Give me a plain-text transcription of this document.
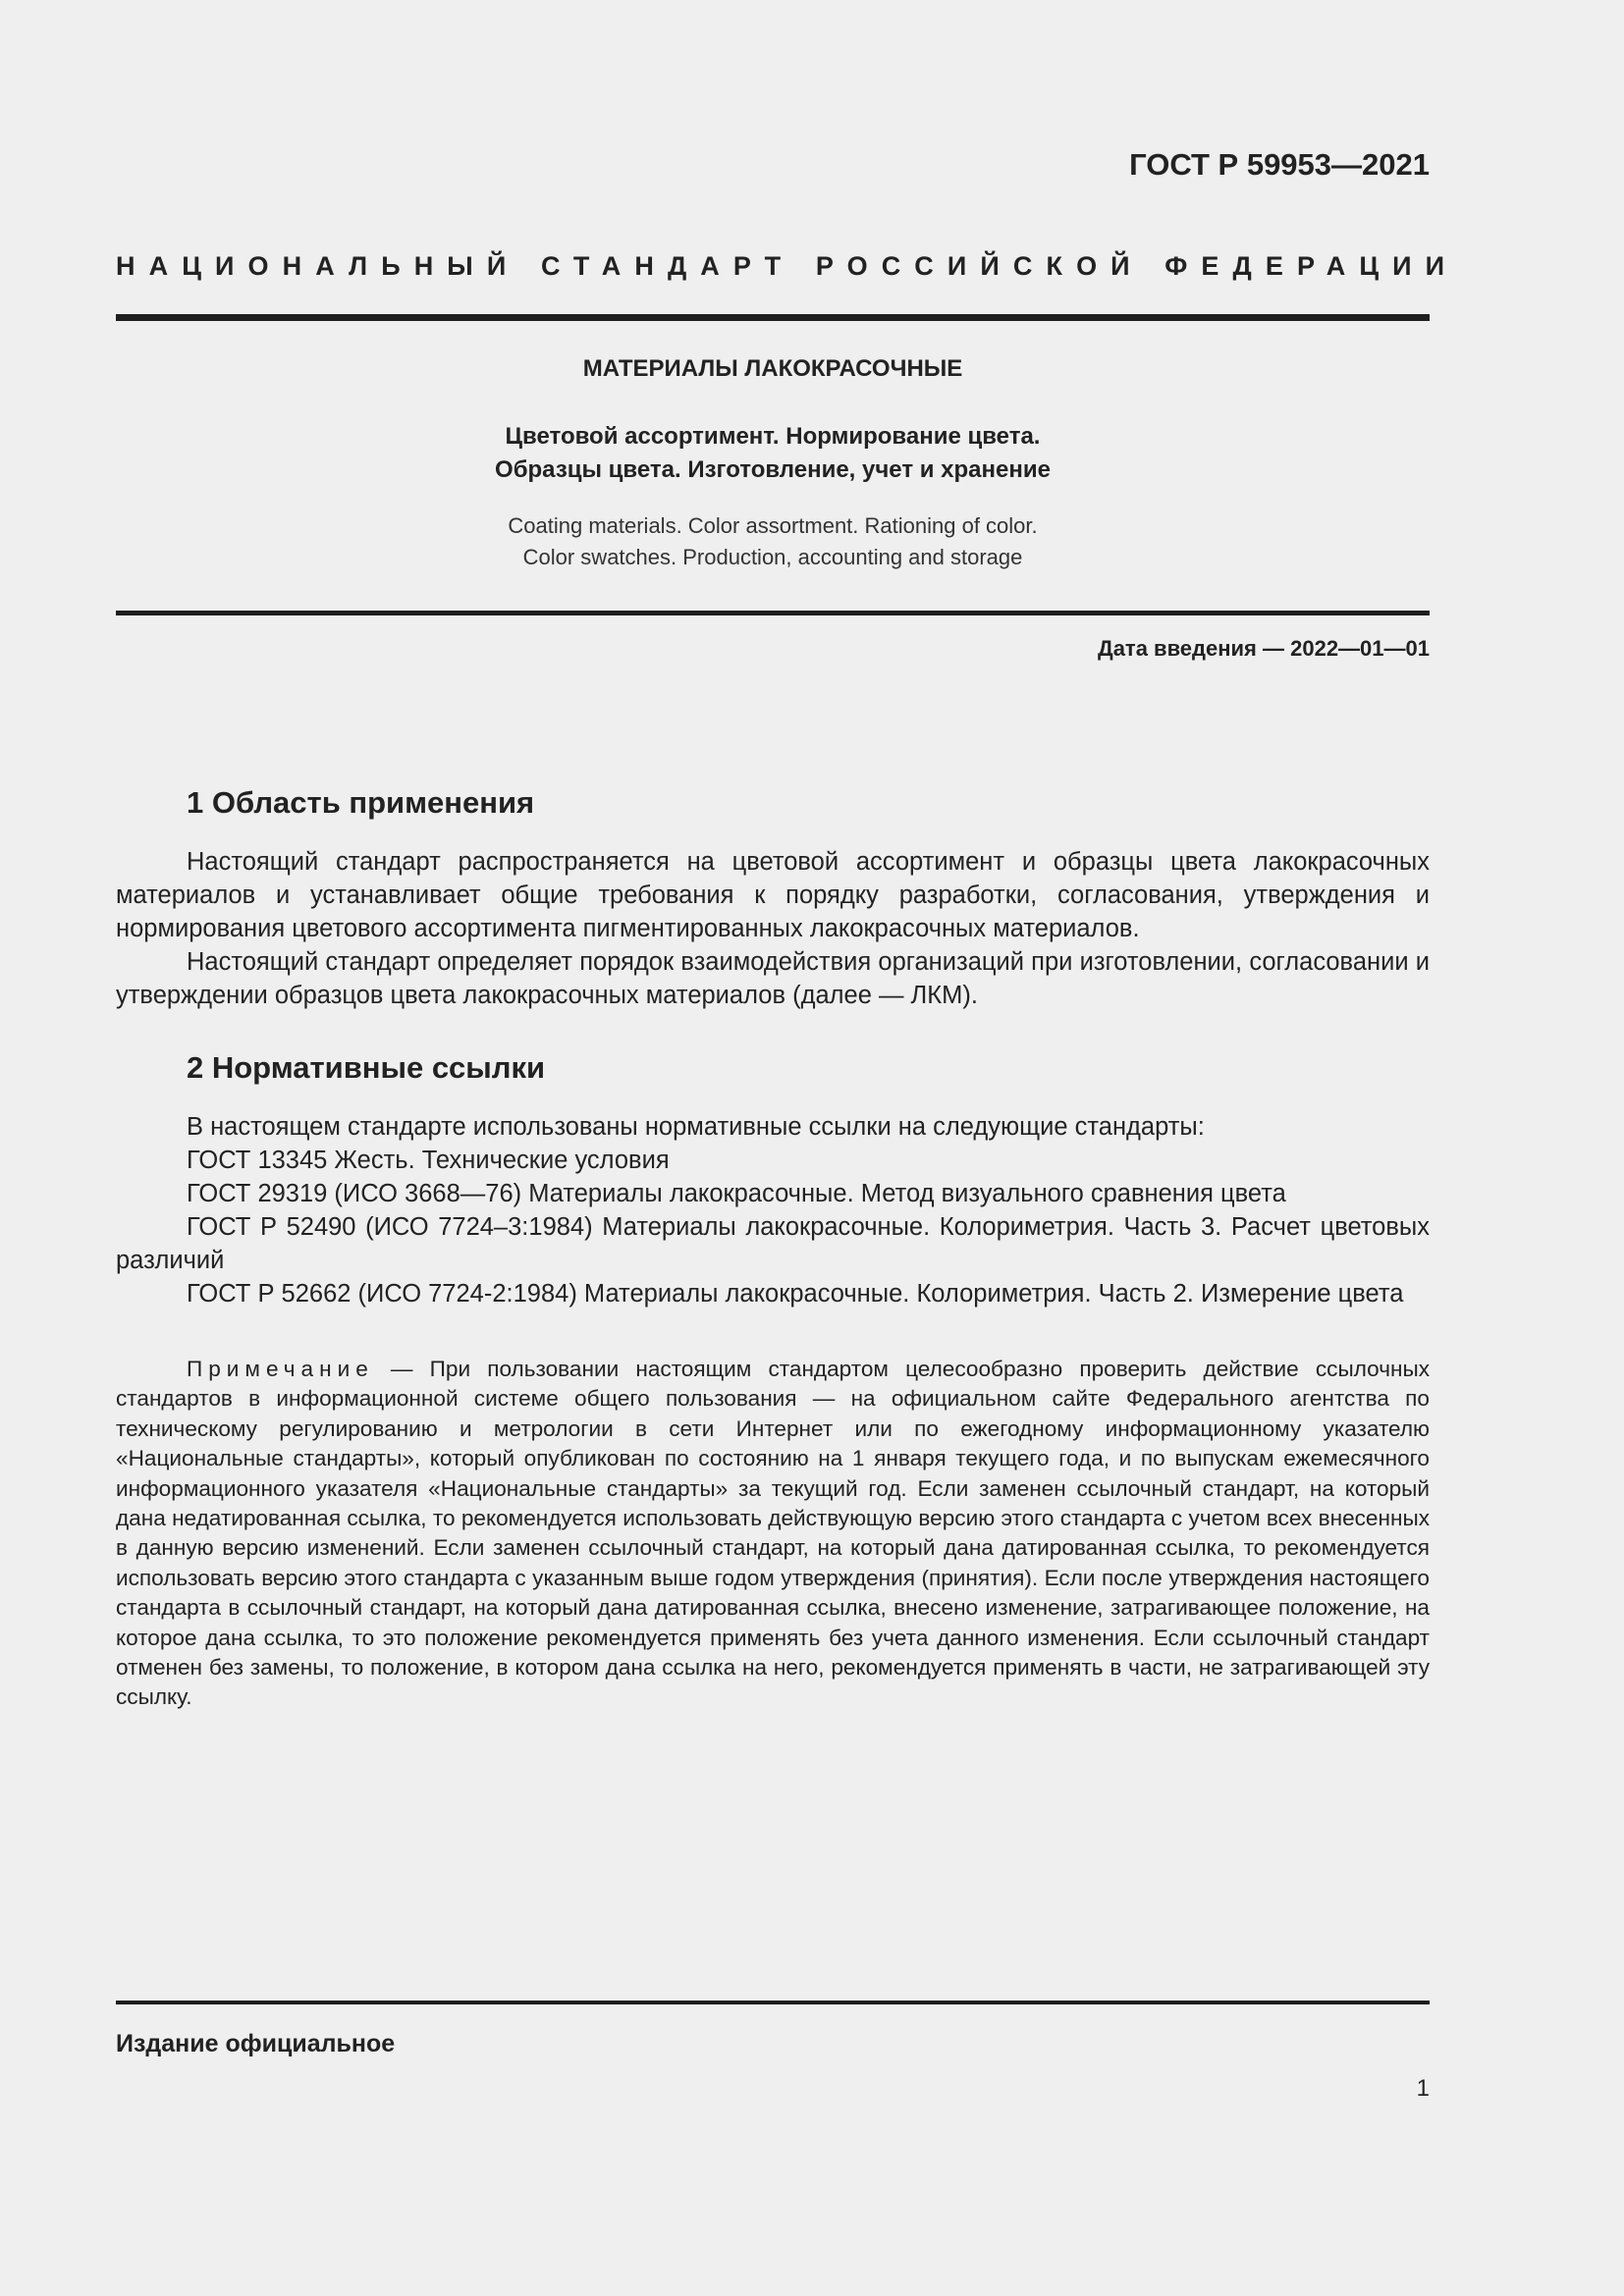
ГОСТ Р 59953—2021
НАЦИОНАЛЬНЫЙ СТАНДАРТ РОССИЙСКОЙ ФЕДЕРАЦИИ
МАТЕРИАЛЫ ЛАКОКРАСОЧНЫЕ
Цветовой ассортимент. Нормирование цвета.
Образцы цвета. Изготовление, учет и хранение
Coating materials. Color assortment. Rationing of color.
Color swatches. Production, accounting and storage
Дата введения — 2022—01—01
1 Область применения

Настоящий стандарт распространяется на цветовой ассортимент и образцы цвета лакокрасочных материалов и устанавливает общие требования к порядку разработки, согласования, утверждения и нормирования цветового ассортимента пигментированных лакокрасочных материалов.

Настоящий стандарт определяет порядок взаимодействия организаций при изготовлении, согласовании и утверждении образцов цвета лакокрасочных материалов (далее — ЛКМ).

2 Нормативные ссылки

В настоящем стандарте использованы нормативные ссылки на следующие стандарты:

ГОСТ 13345 Жесть. Технические условия

ГОСТ 29319 (ИСО 3668—76) Материалы лакокрасочные. Метод визуального сравнения цвета

ГОСТ Р 52490 (ИСО 7724–3:1984) Материалы лакокрасочные. Колориметрия. Часть 3. Расчет цветовых различий

ГОСТ Р 52662 (ИСО 7724-2:1984) Материалы лакокрасочные. Колориметрия. Часть 2. Измерение цвета

Примечание — При пользовании настоящим стандартом целесообразно проверить действие ссылочных стандартов в информационной системе общего пользования — на официальном сайте Федерального агентства по техническому регулированию и метрологии в сети Интернет или по ежегодному информационному указателю «Национальные стандарты», который опубликован по состоянию на 1 января текущего года, и по выпускам ежемесячного информационного указателя «Национальные стандарты» за текущий год. Если заменен ссылочный стандарт, на который дана недатированная ссылка, то рекомендуется использовать действующую версию этого стандарта с учетом всех внесенных в данную версию изменений. Если заменен ссылочный стандарт, на который дана датированная ссылка, то рекомендуется использовать версию этого стандарта с указанным выше годом утверждения (принятия). Если после утверждения настоящего стандарта в ссылочный стандарт, на который дана датированная ссылка, внесено изменение, затрагивающее положение, на которое дана ссылка, то это положение рекомендуется применять без учета данного изменения. Если ссылочный стандарт отменен без замены, то положение, в котором дана ссылка на него, рекомендуется применять в части, не затрагивающей эту ссылку.

Издание официальное
1
